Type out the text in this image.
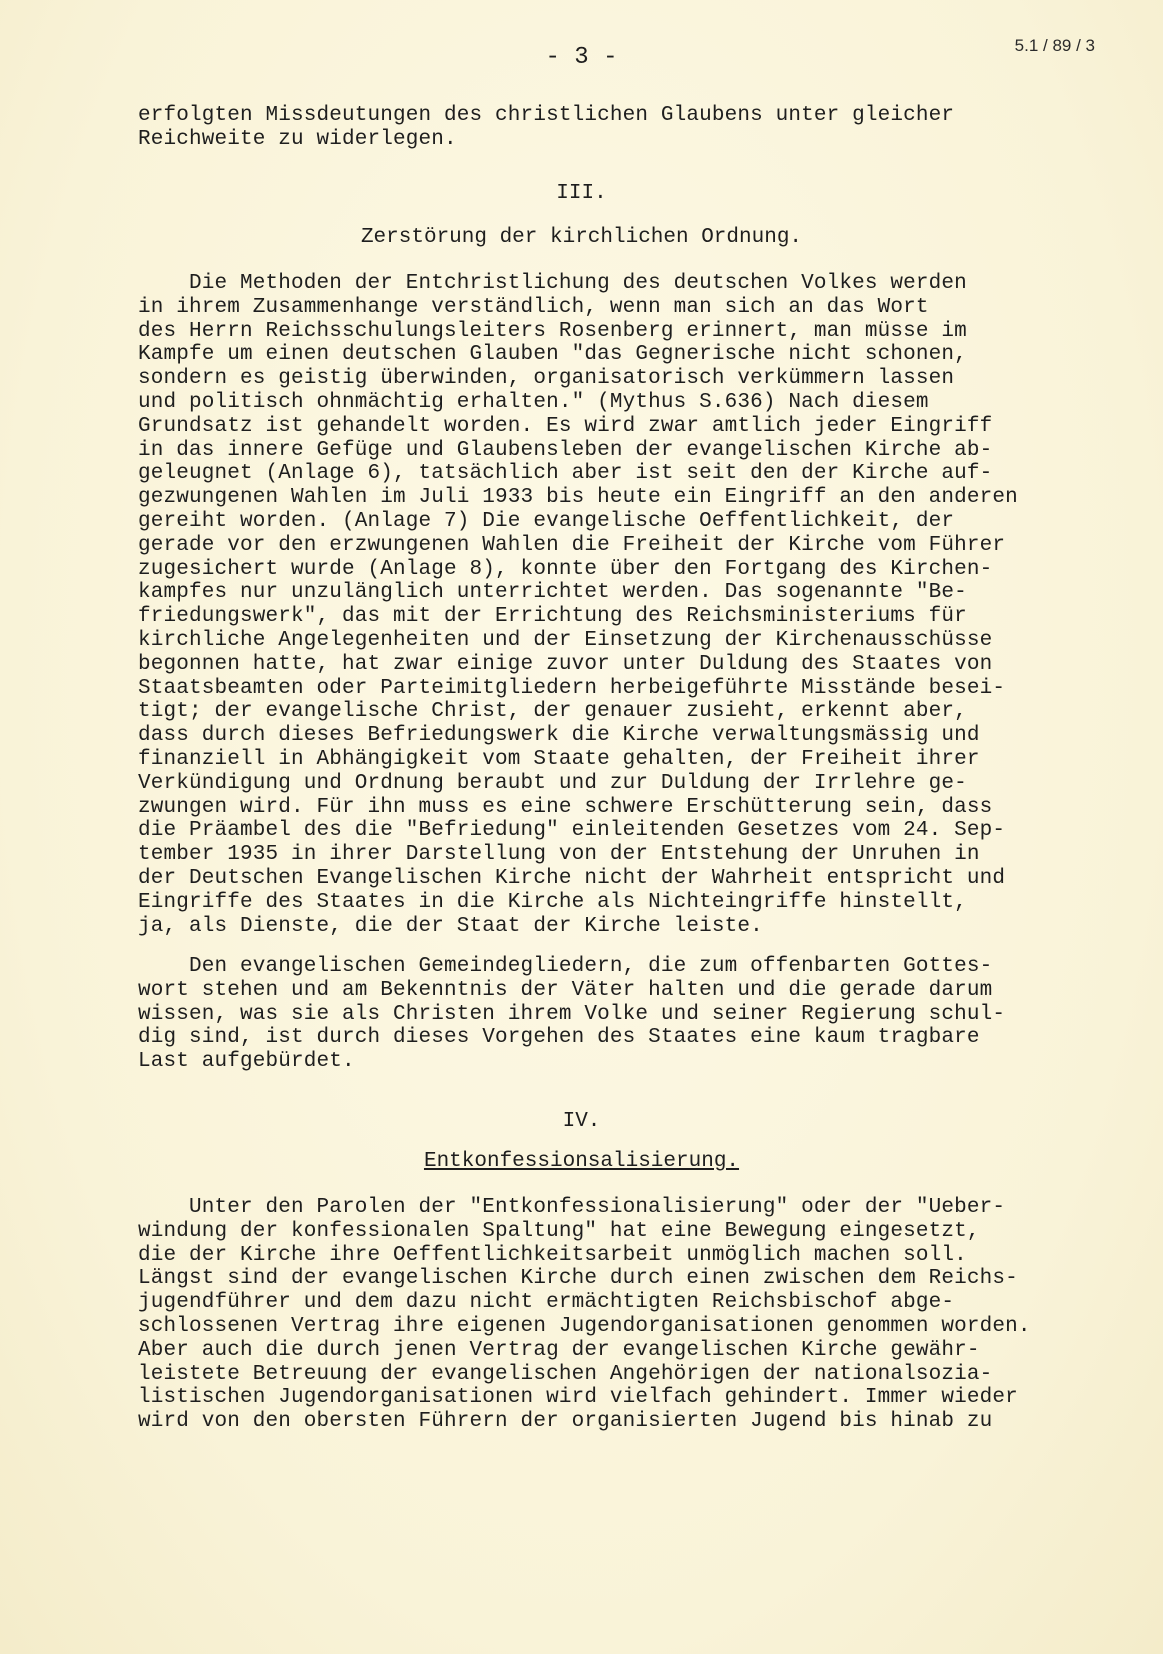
5.1 / 89 / 3
- 3 -
erfolgten Missdeutungen des christlichen Glaubens unter gleicher
Reichweite zu widerlegen.
III.
Zerstörung der kirchlichen Ordnung.
Die Methoden der Entchristlichung des deutschen Volkes werden
in ihrem Zusammenhange verständlich, wenn man sich an das Wort
des Herrn Reichsschulungsleiters Rosenberg erinnert, man müsse im
Kampfe um einen deutschen Glauben "das Gegnerische nicht schonen,
sondern es geistig überwinden, organisatorisch verkümmern lassen
und politisch ohnmächtig erhalten." (Mythus S.636) Nach diesem
Grundsatz ist gehandelt worden. Es wird zwar amtlich jeder Eingriff
in das innere Gefüge und Glaubensleben der evangelischen Kirche ab-
geleugnet (Anlage 6), tatsächlich aber ist seit den der Kirche auf-
gezwungenen Wahlen im Juli 1933 bis heute ein Eingriff an den anderen
gereiht worden. (Anlage 7) Die evangelische Oeffentlichkeit, der
gerade vor den erzwungenen Wahlen die Freiheit der Kirche vom Führer
zugesichert wurde (Anlage 8), konnte über den Fortgang des Kirchen-
kampfes nur unzulänglich unterrichtet werden. Das sogenannte "Be-
friedungswerk", das mit der Errichtung des Reichsministeriums für
kirchliche Angelegenheiten und der Einsetzung der Kirchenausschüsse
begonnen hatte, hat zwar einige zuvor unter Duldung des Staates von
Staatsbeamten oder Parteimitgliedern herbeigeführte Misstände besei-
tigt; der evangelische Christ, der genauer zusieht, erkennt aber,
dass durch dieses Befriedungswerk die Kirche verwaltungsmässig und
finanziell in Abhängigkeit vom Staate gehalten, der Freiheit ihrer
Verkündigung und Ordnung beraubt und zur Duldung der Irrlehre ge-
zwungen wird. Für ihn muss es eine schwere Erschütterung sein, dass
die Präambel des die "Befriedung" einleitenden Gesetzes vom 24. Sep-
tember 1935 in ihrer Darstellung von der Entstehung der Unruhen in
der Deutschen Evangelischen Kirche nicht der Wahrheit entspricht und
Eingriffe des Staates in die Kirche als Nichteingriffe hinstellt,
ja, als Dienste, die der Staat der Kirche leiste.
Den evangelischen Gemeindegliedern, die zum offenbarten Gottes-
wort stehen und am Bekenntnis der Väter halten und die gerade darum
wissen, was sie als Christen ihrem Volke und seiner Regierung schul-
dig sind, ist durch dieses Vorgehen des Staates eine kaum tragbare
Last aufgebürdet.
IV.
Entkonfessionsalisierung.
Unter den Parolen der "Entkonfessionalisierung" oder der "Ueber-
windung der konfessionalen Spaltung" hat eine Bewegung eingesetzt,
die der Kirche ihre Oeffentlichkeitsarbeit unmöglich machen soll.
Längst sind der evangelischen Kirche durch einen zwischen dem Reichs-
jugendführer und dem dazu nicht ermächtigten Reichsbischof abge-
schlossenen Vertrag ihre eigenen Jugendorganisationen genommen worden.
Aber auch die durch jenen Vertrag der evangelischen Kirche gewähr-
leistete Betreuung der evangelischen Angehörigen der nationalsozia-
listischen Jugendorganisationen wird vielfach gehindert. Immer wieder
wird von den obersten Führern der organisierten Jugend bis hinab zu
